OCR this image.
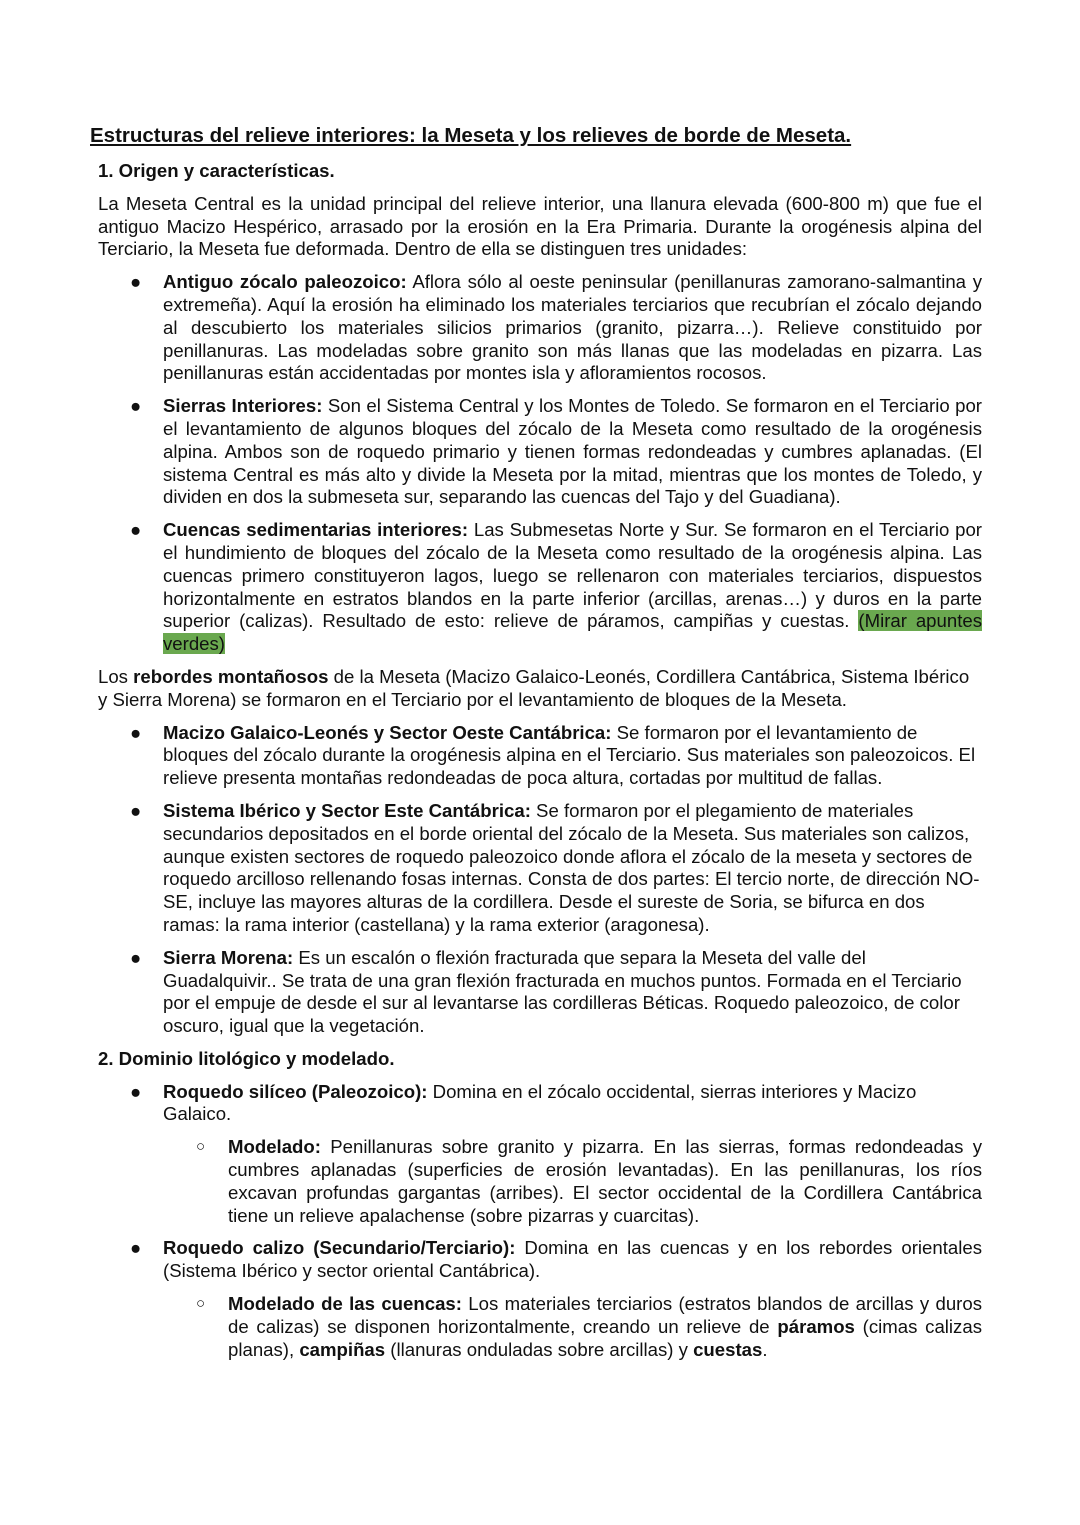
Estructuras del relieve interiores: la Meseta y los relieves de borde de Meseta.
1. Origen y características.

La Meseta Central es la unidad principal del relieve interior, una llanura elevada (600-800 m) que fue el antiguo Macizo Hespérico, arrasado por la erosión en la Era Primaria. Durante la orogénesis alpina del Terciario, la Meseta fue deformada. Dentro de ella se distinguen tres unidades:

● Antiguo zócalo paleozoico: Aflora sólo al oeste peninsular (penillanuras zamorano-salmantina y extremeña). Aquí la erosión ha eliminado los materiales terciarios que recubrían el zócalo dejando al descubierto los materiales silicios primarios (granito, pizarra…). Relieve constituido por penillanuras. Las modeladas sobre granito son más llanas que las modeladas en pizarra. Las penillanuras están accidentadas por montes isla y afloramientos rocosos.
● Sierras Interiores: Son el Sistema Central y los Montes de Toledo. Se formaron en el Terciario por el levantamiento de algunos bloques del zócalo de la Meseta como resultado de la orogénesis alpina. Ambos son de roquedo primario y tienen formas redondeadas y cumbres aplanadas. (El sistema Central es más alto y divide la Meseta por la mitad, mientras que los montes de Toledo, y dividen en dos la submeseta sur, separando las cuencas del Tajo y del Guadiana).
● Cuencas sedimentarias interiores: Las Submesetas Norte y Sur. Se formaron en el Terciario por el hundimiento de bloques del zócalo de la Meseta como resultado de la orogénesis alpina. Las cuencas primero constituyeron lagos, luego se rellenaron con materiales terciarios, dispuestos horizontalmente en estratos blandos en la parte inferior (arcillas, arenas…) y duros en la parte superior (calizas). Resultado de esto: relieve de páramos, campiñas y cuestas. (Mirar apuntes verdes)

Los rebordes montañosos de la Meseta (Macizo Galaico-Leonés, Cordillera Cantábrica, Sistema Ibérico y Sierra Morena) se formaron en el Terciario por el levantamiento de bloques de la Meseta.

● Macizo Galaico-Leonés y Sector Oeste Cantábrica: Se formaron por el levantamiento de bloques del zócalo durante la orogénesis alpina en el Terciario. Sus materiales son paleozoicos. El relieve presenta montañas redondeadas de poca altura, cortadas por multitud de fallas.
● Sistema Ibérico y Sector Este Cantábrica: Se formaron por el plegamiento de materiales secundarios depositados en el borde oriental del zócalo de la Meseta. Sus materiales son calizos, aunque existen sectores de roquedo paleozoico donde aflora el zócalo de la meseta y sectores de roquedo arcilloso rellenando fosas internas. Consta de dos partes: El tercio norte, de dirección NO-SE, incluye las mayores alturas de la cordillera. Desde el sureste de Soria, se bifurca en dos ramas: la rama interior (castellana) y la rama exterior (aragonesa).
● Sierra Morena: Es un escalón o flexión fracturada que separa la Meseta del valle del Guadalquivir.. Se trata de una gran flexión fracturada en muchos puntos. Formada en el Terciario por el empuje de desde el sur al levantarse las cordilleras Béticas. Roquedo paleozoico, de color oscuro, igual que la vegetación.
2. Dominio litológico y modelado.
● Roquedo silíceo (Paleozoico): Domina en el zócalo occidental, sierras interiores y Macizo Galaico.
○ Modelado: Penillanuras sobre granito y pizarra. En las sierras, formas redondeadas y cumbres aplanadas (superficies de erosión levantadas). En las penillanuras, los ríos excavan profundas gargantas (arribes). El sector occidental de la Cordillera Cantábrica tiene un relieve apalachense (sobre pizarras y cuarcitas).
● Roquedo calizo (Secundario/Terciario): Domina en las cuencas y en los rebordes orientales (Sistema Ibérico y sector oriental Cantábrica).
○ Modelado de las cuencas: Los materiales terciarios (estratos blandos de arcillas y duros de calizas) se disponen horizontalmente, creando un relieve de páramos (cimas calizas planas), campiñas (llanuras onduladas sobre arcillas) y cuestas.
